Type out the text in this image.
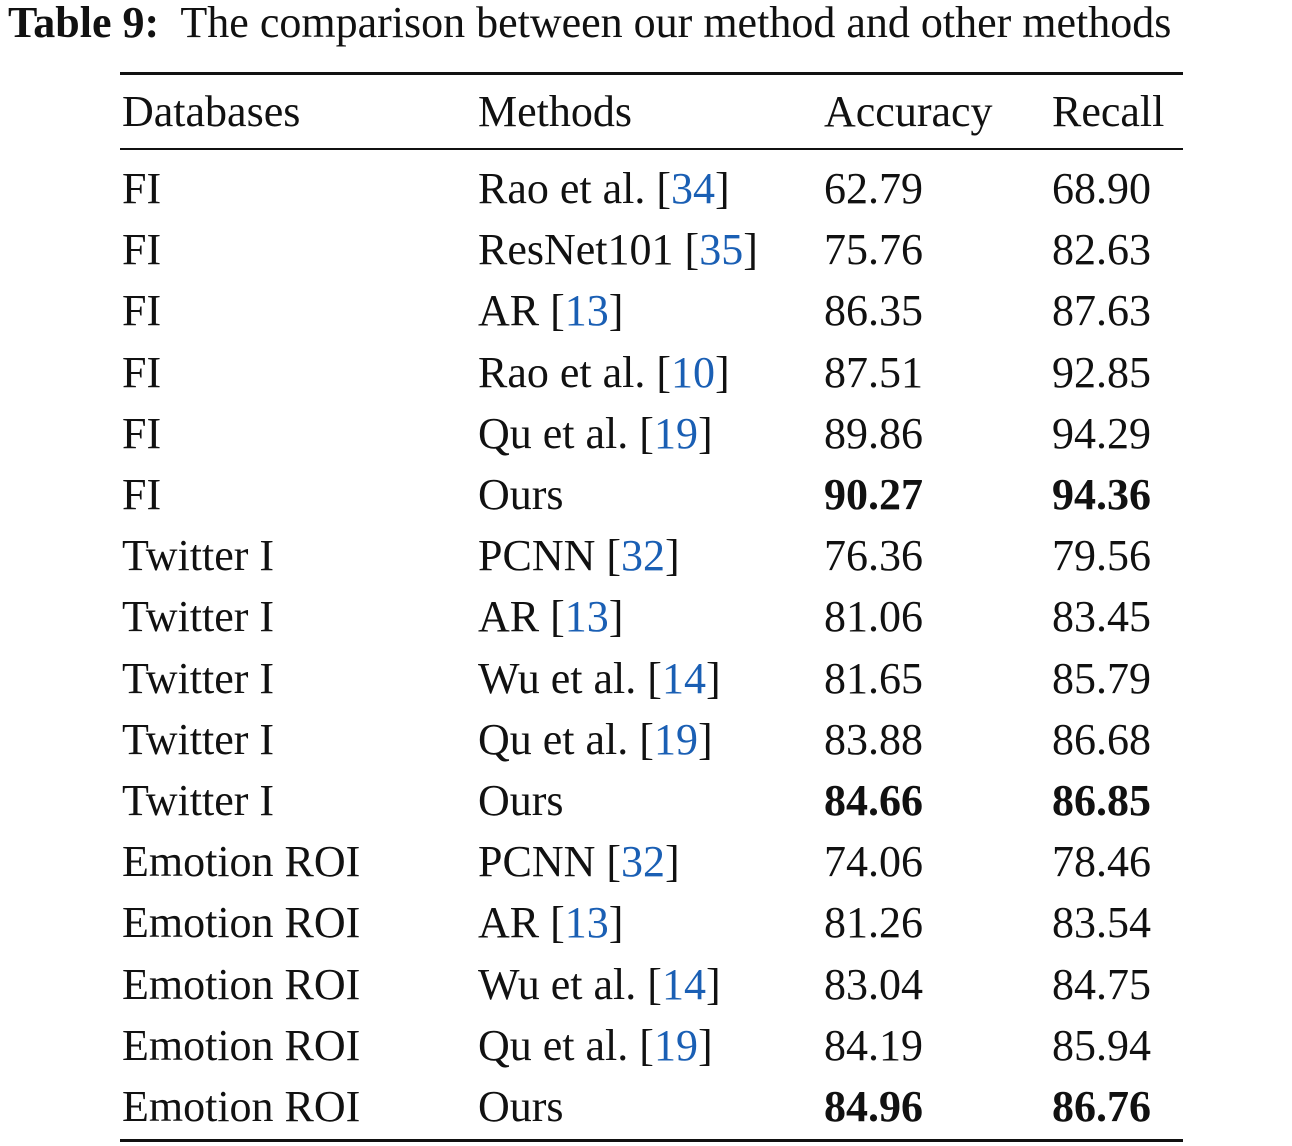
Table 9: The comparison between our method and other methods
Databases	Methods	Accuracy Recall
FI	Rao et al. [34] 62.79	68.90
FI	ResNet101 [35] 75.76	82.63
FI	AR [13]	86.35	87.63
FI	Rao et al. [10] 87.51	92.85
FI	Qu et al. [19]	89.86	94.29
FI	Ours	90.27	94.36
Twitter I	PCNN [32]	76.36	79.56
Twitter I	AR [13]	81.06	83.45
Twitter I	Wu et al. [14] 81.65	85.79
Twitter I	Qu et al. [19]	83.88	86.68
Twitter I	Ours	84.66	86.85
Emotion ROI	PCNN [32]	74.06	78.46
Emotion ROI	AR [13]	81.26	83.54
Emotion ROI	Wu et al. [14] 83.04	84.75
Emotion ROI	Qu et al. [19]	84.19	85.94
Emotion ROI	Ours	84.96	86.76
